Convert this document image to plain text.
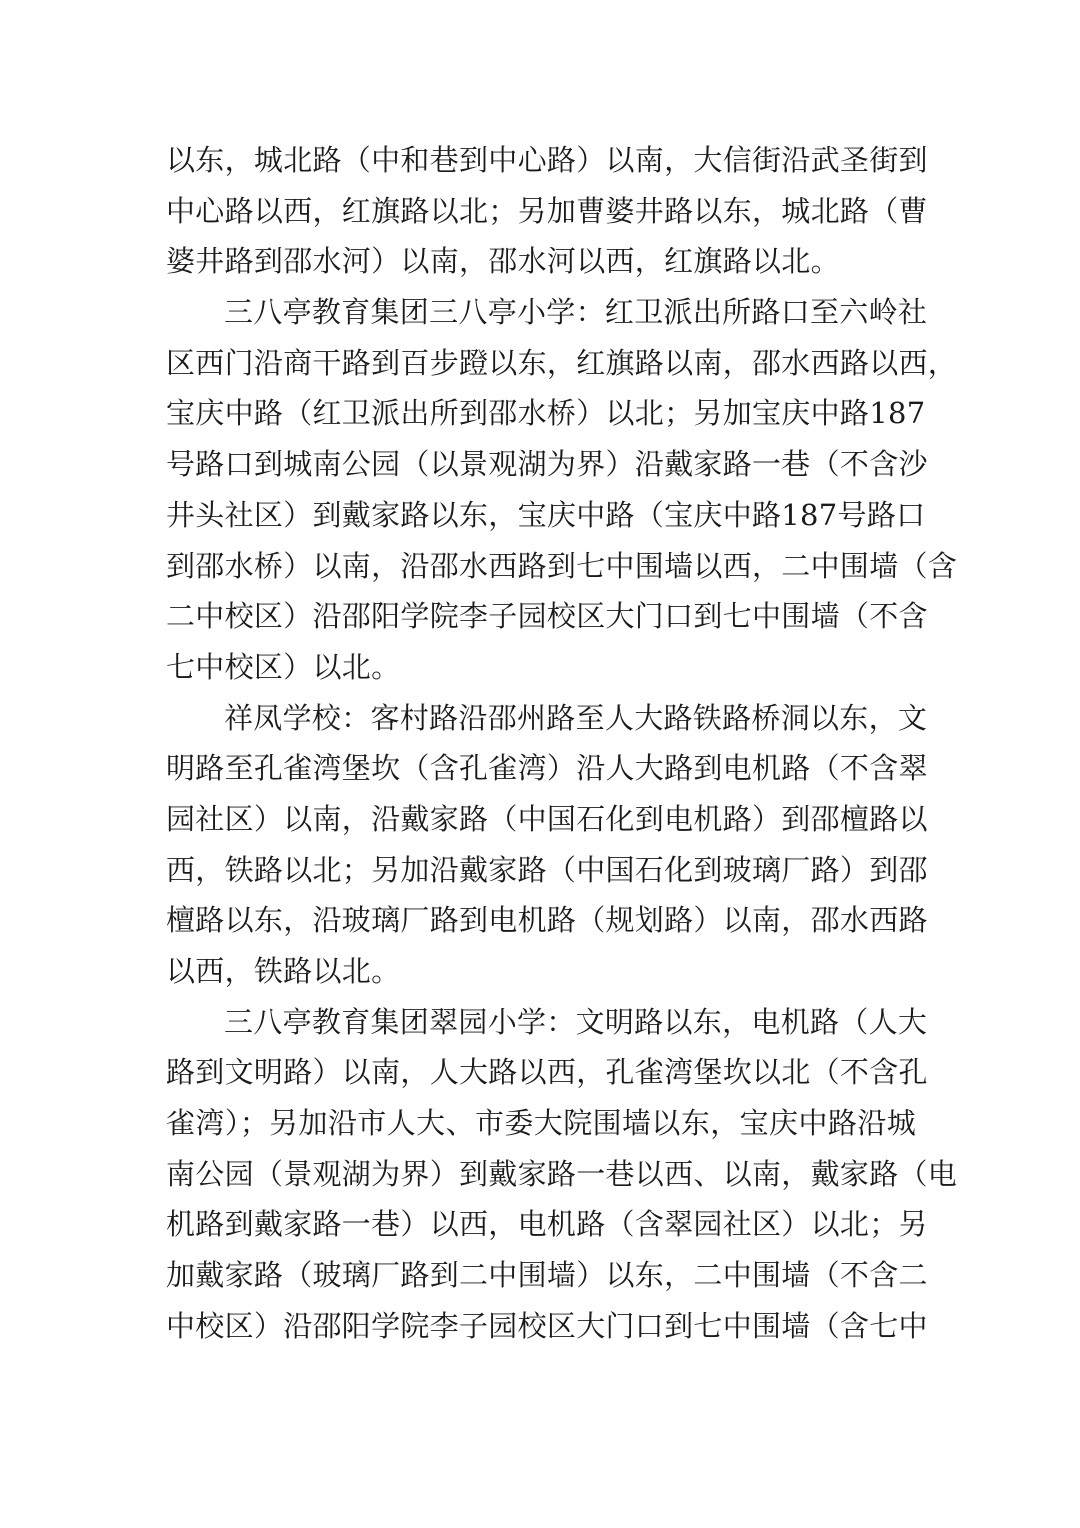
以东，城北路（中和巷到中心路）以南，大信街沿武圣街到
中心路以西，红旗路以北；另加曹婆井路以东，城北路（曹
婆井路到邵水河）以南，邵水河以西，红旗路以北。
三八亭教育集团三八亭小学：红卫派出所路口至六岭社
区西门沿商干路到百步蹬以东，红旗路以南，邵水西路以西，
宝庆中路（红卫派出所到邵水桥）以北；另加宝庆中路187
号路口到城南公园（以景观湖为界）沿戴家路一巷（不含沙
井头社区）到戴家路以东，宝庆中路（宝庆中路187号路口
到邵水桥）以南，沿邵水西路到七中围墙以西，二中围墙（含
二中校区）沿邵阳学院李子园校区大门口到七中围墙（不含
七中校区）以北。
祥凤学校：客村路沿邵州路至人大路铁路桥洞以东，文
明路至孔雀湾堡坎（含孔雀湾）沿人大路到电机路（不含翠
园社区）以南，沿戴家路（中国石化到电机路）到邵檀路以
西，铁路以北；另加沿戴家路（中国石化到玻璃厂路）到邵
檀路以东，沿玻璃厂路到电机路（规划路）以南，邵水西路
以西，铁路以北。
三八亭教育集团翠园小学：文明路以东，电机路（人大
路到文明路）以南，人大路以西，孔雀湾堡坎以北（不含孔
雀湾）；另加沿市人大、市委大院围墙以东，宝庆中路沿城
南公园（景观湖为界）到戴家路一巷以西、以南，戴家路（电
机路到戴家路一巷）以西，电机路（含翠园社区）以北；另
加戴家路（玻璃厂路到二中围墙）以东，二中围墙（不含二
中校区）沿邵阳学院李子园校区大门口到七中围墙（含七中
